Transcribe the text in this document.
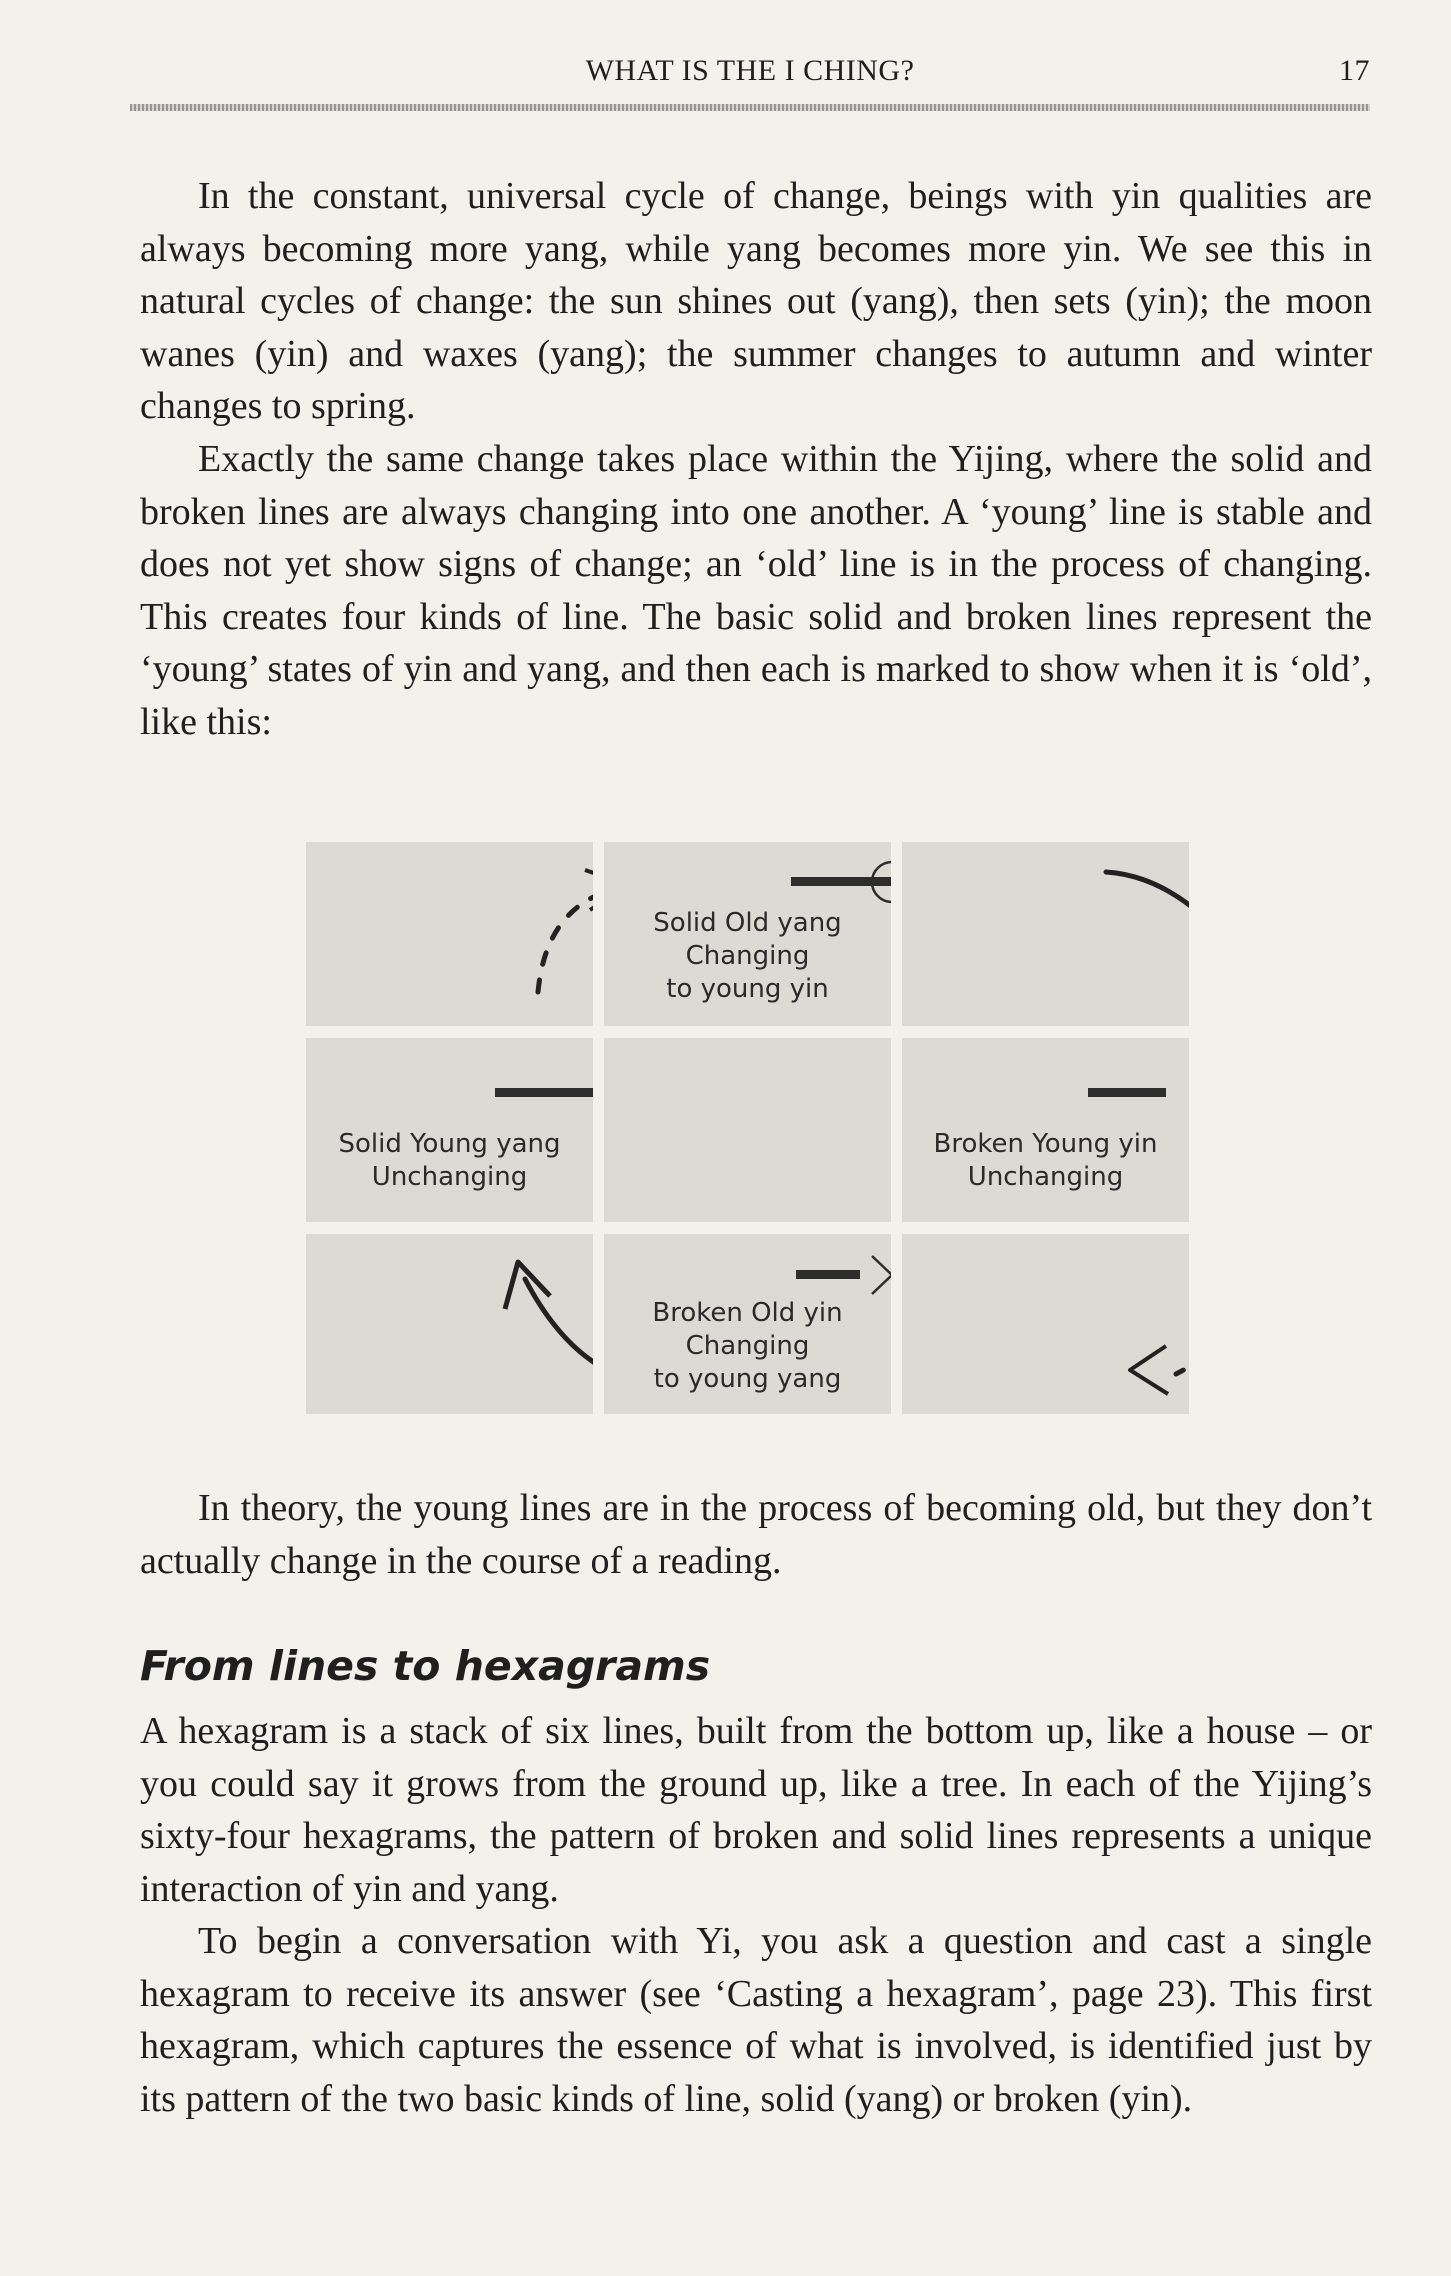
WHAT IS THE I CHING?	17

In the constant, universal cycle of change, beings with yin qualities are always becoming more yang, while yang becomes more yin. We see this in natural cycles of change: the sun shines out (yang), then sets (yin); the moon wanes (yin) and waxes (yang); the summer changes to autumn and winter changes to spring.

Exactly the same change takes place within the Yijing, where the solid and broken lines are always changing into one another. A ‘young’ line is stable and does not yet show signs of change; an ‘old’ line is in the process of changing. This creates four kinds of line. The basic solid and broken lines represent the ‘young’ states of yin and yang, and then each is marked to show when it is ‘old’, like this:

Solid Old yang
Changing
to young yin
Solid Young yang
Unchanging
Broken Young yin
Unchanging
Broken Old yin
Changing
to young yang

In theory, the young lines are in the process of becoming old, but they don’t actually change in the course of a reading.

From lines to hexagrams

A hexagram is a stack of six lines, built from the bottom up, like a house – or you could say it grows from the ground up, like a tree. In each of the Yijing’s sixty-four hexagrams, the pattern of broken and solid lines represents a unique interaction of yin and yang.

To begin a conversation with Yi, you ask a question and cast a single hexagram to receive its answer (see ‘Casting a hexagram’, page 23). This first hexagram, which captures the essence of what is involved, is identified just by its pattern of the two basic kinds of line, solid (yang) or broken (yin).
